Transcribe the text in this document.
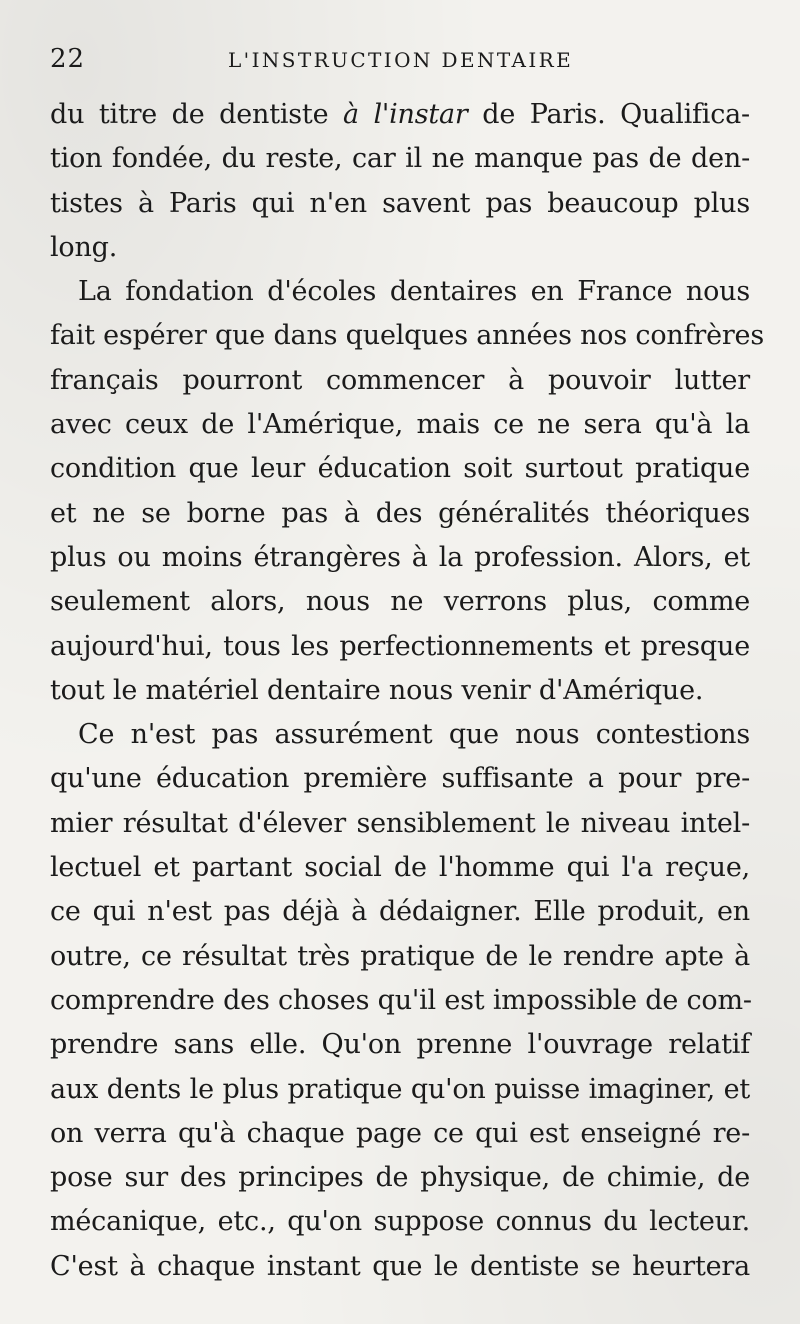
22	L'INSTRUCTION DENTAIRE
du titre de dentiste à l'instar de Paris. Qualifica-
tion fondée, du reste, car il ne manque pas de den-
tistes à Paris qui n'en savent pas beaucoup plus
long.
La fondation d'écoles dentaires en France nous
fait espérer que dans quelques années nos confrères
français pourront commencer à pouvoir lutter
avec ceux de l'Amérique, mais ce ne sera qu'à la
condition que leur éducation soit surtout pratique
et ne se borne pas à des généralités théoriques
plus ou moins étrangères à la profession. Alors, et
seulement alors, nous ne verrons plus, comme
aujourd'hui, tous les perfectionnements et presque
tout le matériel dentaire nous venir d'Amérique.
Ce n'est pas assurément que nous contestions
qu'une éducation première suffisante a pour pre-
mier résultat d'élever sensiblement le niveau intel-
lectuel et partant social de l'homme qui l'a reçue,
ce qui n'est pas déjà à dédaigner. Elle produit, en
outre, ce résultat très pratique de le rendre apte à
comprendre des choses qu'il est impossible de com-
prendre sans elle. Qu'on prenne l'ouvrage relatif
aux dents le plus pratique qu'on puisse imaginer, et
on verra qu'à chaque page ce qui est enseigné re-
pose sur des principes de physique, de chimie, de
mécanique, etc., qu'on suppose connus du lecteur.
C'est à chaque instant que le dentiste se heurtera
